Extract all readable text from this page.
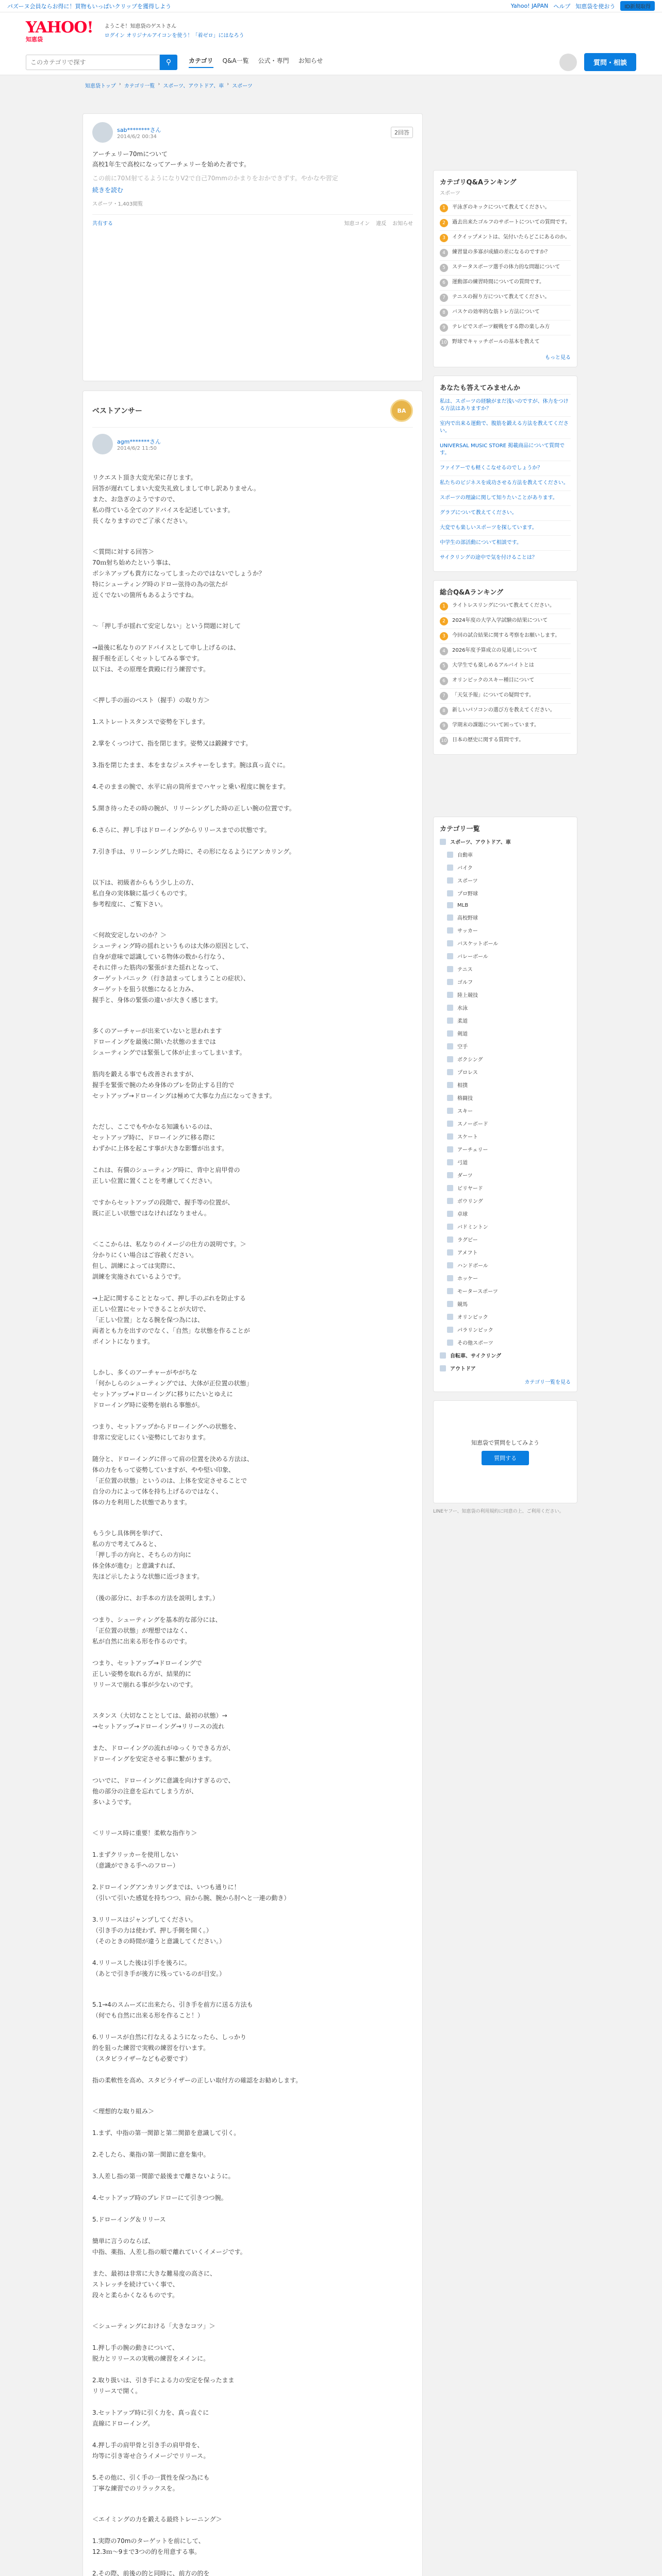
パズーヌ会員ならお得に！買物もいっぱいクリップを獲得しよう	Yahoo! JAPAN ヘルプ 知恵袋を使おう	ID新規取得
YAHOO!
知恵袋
ようこそ！知恵袋のゲストさん
ログイン オリジナルアイコンを使う！「着ゼロ」にはなろう
このカテゴリで探す
⚲	カテゴリ Q&A一覧 公式・専門 お知らせ	質問・相談
知恵袋トップ › カテゴリ一覧 › スポーツ、アウトドア、車 › スポーツ
sab********さん
2014/6/2 00:34
2回答
アーチェリー70mについて
高校1年生で高校になってアーチェリーを始めた者です。
この前に70Ｍ射てるようになりV2で自己70mmのかまりをおかできずす。やかなや習定
続きを読む
スポーツ・1,403閲覧
共有する	知恵コイン 違反 お知らせ
ベストアンサー	BA
agm*******さん
2014/6/2 11:50

リクエスト頂き大変光栄に存じます。
回答が遅れてしまい大変失礼致しまして申し訳ありません。
また、お急ぎのようですので、
私の得ている全てのアドバイスを記述しています。
長くなりますのでご了承ください。

＜質問に対する回答＞
70ｍ射ち始めたという事は、
ボシネアップも貴方になってしまったのではないでしょうか？
特にシューティング時のドロー弦待の為の弦たが
近くでないの箇所もあるようですね。

～「押し手が揺れて安定しない」という問題に対して

→最後に私なりのアドバイスとして申し上げるのは、
握手根を正しくセットしてみる事です。
以下は、その原理を貴殿に行う練習です。

＜押し手の面のベスト（握手）の取り方＞

1.ストレートスタンスで姿勢を下します。

2.掌をくっつけて、指を閉じます。姿勢又は鍛錬すです。

3.指を閉じたまま、本をまなジェスチャーをします。腕は真っ直ぐに。

4.そのままの腕で、水平に肩の筒所までハヤッと乗い程度に腕をます。

5.開き待ったその時の腕が、リリーシングした時の正しい腕の位置です。

6.さらに、押し手はドローイングからリリースまでの状態です。

7.引き手は、リリーシングした時に、その形になるようにアンカリング。

以下は、初級者からもう少し上の方、
私自身の実体験に基づくものです。
参考程度に、ご覧下さい。

＜何故安定しないのか？＞
シューティング時の揺れというものは大体の原因として、
自身が意味で認識している物体の数から行なう、
それに伴った筋肉の緊張がまた揺れとなって、
ターゲットパニック（行き詰まってしまうことの症状）、
ターゲットを狙う状態になると力み、
握手と、身体の緊張の違いが大きく感じます。

多くのアーチャーが出来ていないと思われます
ドローイングを最後に開いた状態のままでは
シューティングでは緊張して体が止まってしまいます。

筋肉を鍛える事でも改善されますが、
握手を緊張で腕のため身体のブレを防止する目的で
セットアップ→ドローイングは極めて大事な力点になってきます。

ただし、ここでもやかなる知識もいるのは、
セットアップ時に、ドローイングに移る際に
わずかに上体を起こす事が大きな影響が出ます。

これは、有償のシューティング時に、背中と肩甲骨の
正しい位置に置くことを考慮してください。

ですからセットアップの段階で、握手等の位置が、
既に正しい状態ではなければなりません。

＜ここからは、私なりのイメージの仕方の説明です。＞
分かりにくい場合はご容赦ください。
但し、訓練によっては実際に、
訓練を実施されているようです。

→上記に関することとなって、押し手のぶれを防止する
正しい位置にセットできることが大切で、
「正しい位置」となる腕を保つ為には、
両者とも力を出すのでなく、「自然」な状態を作ることが
ポイントになります。

しかし、多くのアーチャーがやがちな
「何かしらのシューティングでは、大体が正位置の状態」
セットアップ→ドローイングに移りにたいとゆえに
ドローイング時に姿勢を崩れる事態が。

つまり、セットアップからドローイングへの状態を、
非常に安定しにくい姿勢にしております。

随分と、ドローイングに伴って肩の位置を決める方法は、
体の力をもって姿勢していますが、やや堅い印象、
「正位置の状態」というのは、上体を安定させることで
自分の力によって体を持ち上げるのではなく、
体の力を利用した状態であります。

もう少し具体例を挙げて、
私の方で考えてみると、
「押し手の方向と、そちらの方向に
体全体が進む」と意識すれば、
先ほど示したような状態に近づきます。

（後の部分に、お手本の方法を説明します。）

つまり、シューティングを基本的な部分には、
「正位置の状態」が理想ではなく、
私が自然に出来る形を作るのです。

つまり、セットアップ→ドローイングで
正しい姿勢を取れる方が、結果的に
リリースで崩れる事が少ないのです。

スタンス（大切なこととしては、最初の状態）→
→セットアップ→ドローイング→リリースの流れ

また、ドローイングの流れがゆっくりできる方が、
ドローイングを安定させる事に繋がります。

ついでに、ドローイングに意識を向けすぎるので、
他の部分の注意を忘れてしまう方が、
多いようです。

＜リリース時に重要！柔軟な指作り＞

1.まずクリッカーを使用しない
（意識ができる手へのフロー）

2.ドローイングアンカリングまでは、いつも通りに！
（引いて引いた感覚を持ちつつ、肩から腕、腕から肘へと一連の動き）

3.リリースはジャンプしてください。
（引き手の力は使わず、押し手側を開く。）
（そのときの時間が違うと意識してください。）

4.リリースした後は引手を後ろに。
（あとで引き手が後方に残っているのが目安。）

5.1→4のスムーズに出来たら、引き手を前方に送る方法も
（何でも自然に出来る形を作ること！）

6.リリースが自然に行なえるようになったら、しっかり
的を狙った練習で実戦の練習を行います。
（スタビライザーなども必要です）

指の柔軟性を高め、スタビライザーの正しい取付方の確認をお勧めします。

＜理想的な取り組み＞

1.まず、中指の第一関節と第二関節を意識して引く。

2.そしたら、薬指の第一関節に意を集中。

3.人差し指の第一関節で最後まで離さないように。

4.セットアップ時のプレドローにて引きつつ腕。

5.ドローイング＆リリース

簡単に言うのならば、
中指、薬指、人差し指の順で離れていくイメージです。

また、最初は非常に大きな難易度の高さに、
ストレッチを続けていく事で、
段々と柔らかくなるものです。

＜シューティングにおける「大きなコツ」＞

1.押し手の腕の動きについて、
脱力とリリースの実戦の練習をメインに。

2.取り扱いは、引き手による力の安定を保ったまま
リリースで開く。

3.セットアップ時に引く力を、真っ直ぐに
直線にドローイング。

4.押し手の肩甲骨と引き手の肩甲骨を、
均等に引き寄せ合うイメージでリリース。

5.その他に、引く手の一貫性を保つ為にも
丁寧な練習でのリラックスを。

＜エイミングの力を鍛える最終トレーニング＞

1.実際の70mのターゲットを前にして、
12.3ｍ～9まで3つの的を用意する事。

2.その際、前後の的と同時に、前方の的を

カテゴリQ&Aランキング
スポーツ
1	平泳ぎのキックについて教えてください。
2	過去出来たゴルフのサポートについての質問です。
3	イクイップメントは、気付いたらどこにあるのか。
4	練習量の多寡が成績の差になるのですか？
5	ステータスポーツ選手の体力的な問題について
6	運動部の練習時間についての質問です。
7	テニスの握り方について教えてください。
8	バスケの効率的な筋トレ方法について
9	テレビでスポーツ観戦をする際の楽しみ方
10 野球でキャッチボールの基本を教えて
もっと見る
あなたも答えてみませんか
私は、スポーツの経験がまだ浅いのですが、体力をつける方法はありますか？
室内で出来る運動で、腹筋を鍛える方法を教えてください。
UNIVERSAL MUSIC STORE 掲載商品について質問です。
ファイアーでも軽くこなせるのでしょうか？
私たちのビジネスを成功させる方法を教えてください。
スポーツの理論に関して知りたいことがあります。
グラブについて教えてください。
大変でも楽しいスポーツを探しています。
中学生の部活動について相談です。
サイクリングの途中で気を付けることは？
総合Q&Aランキング
1	ライトレスリングについて教えてください。
2	2024年度の大学入学試験の結果について
3	今回の試合結果に関する考察をお願いします。
4	2026年度予算成立の見通しについて
5	大学生でも楽しめるアルバイトとは
6	オリンピックのスキー種目について
7	「天気予報」についての疑問です。
8	新しいパソコンの選び方を教えてください。
9	学期末の課題について困っています。
10 日本の歴史に関する質問です。
カテゴリ一覧
スポーツ、アウトドア、車
自動車
バイク
スポーツ
プロ野球
MLB
高校野球
サッカー
バスケットボール
バレーボール
テニス
ゴルフ
陸上競技
水泳
柔道
剣道
空手
ボクシング
プロレス
相撲
格闘技
スキー
スノーボード
スケート
アーチェリー
弓道
ダーツ
ビリヤード
ボウリング
卓球
バドミントン
ラグビー
アメフト
ハンドボール
ホッケー
モータースポーツ
競馬
オリンピック
パラリンピック
その他スポーツ
自転車、サイクリング
アウトドア
カテゴリ一覧を見る
知恵袋で質問をしてみよう
質問する
LINEヤフー、知恵袋の利用規約に同意の上、ご利用ください。
